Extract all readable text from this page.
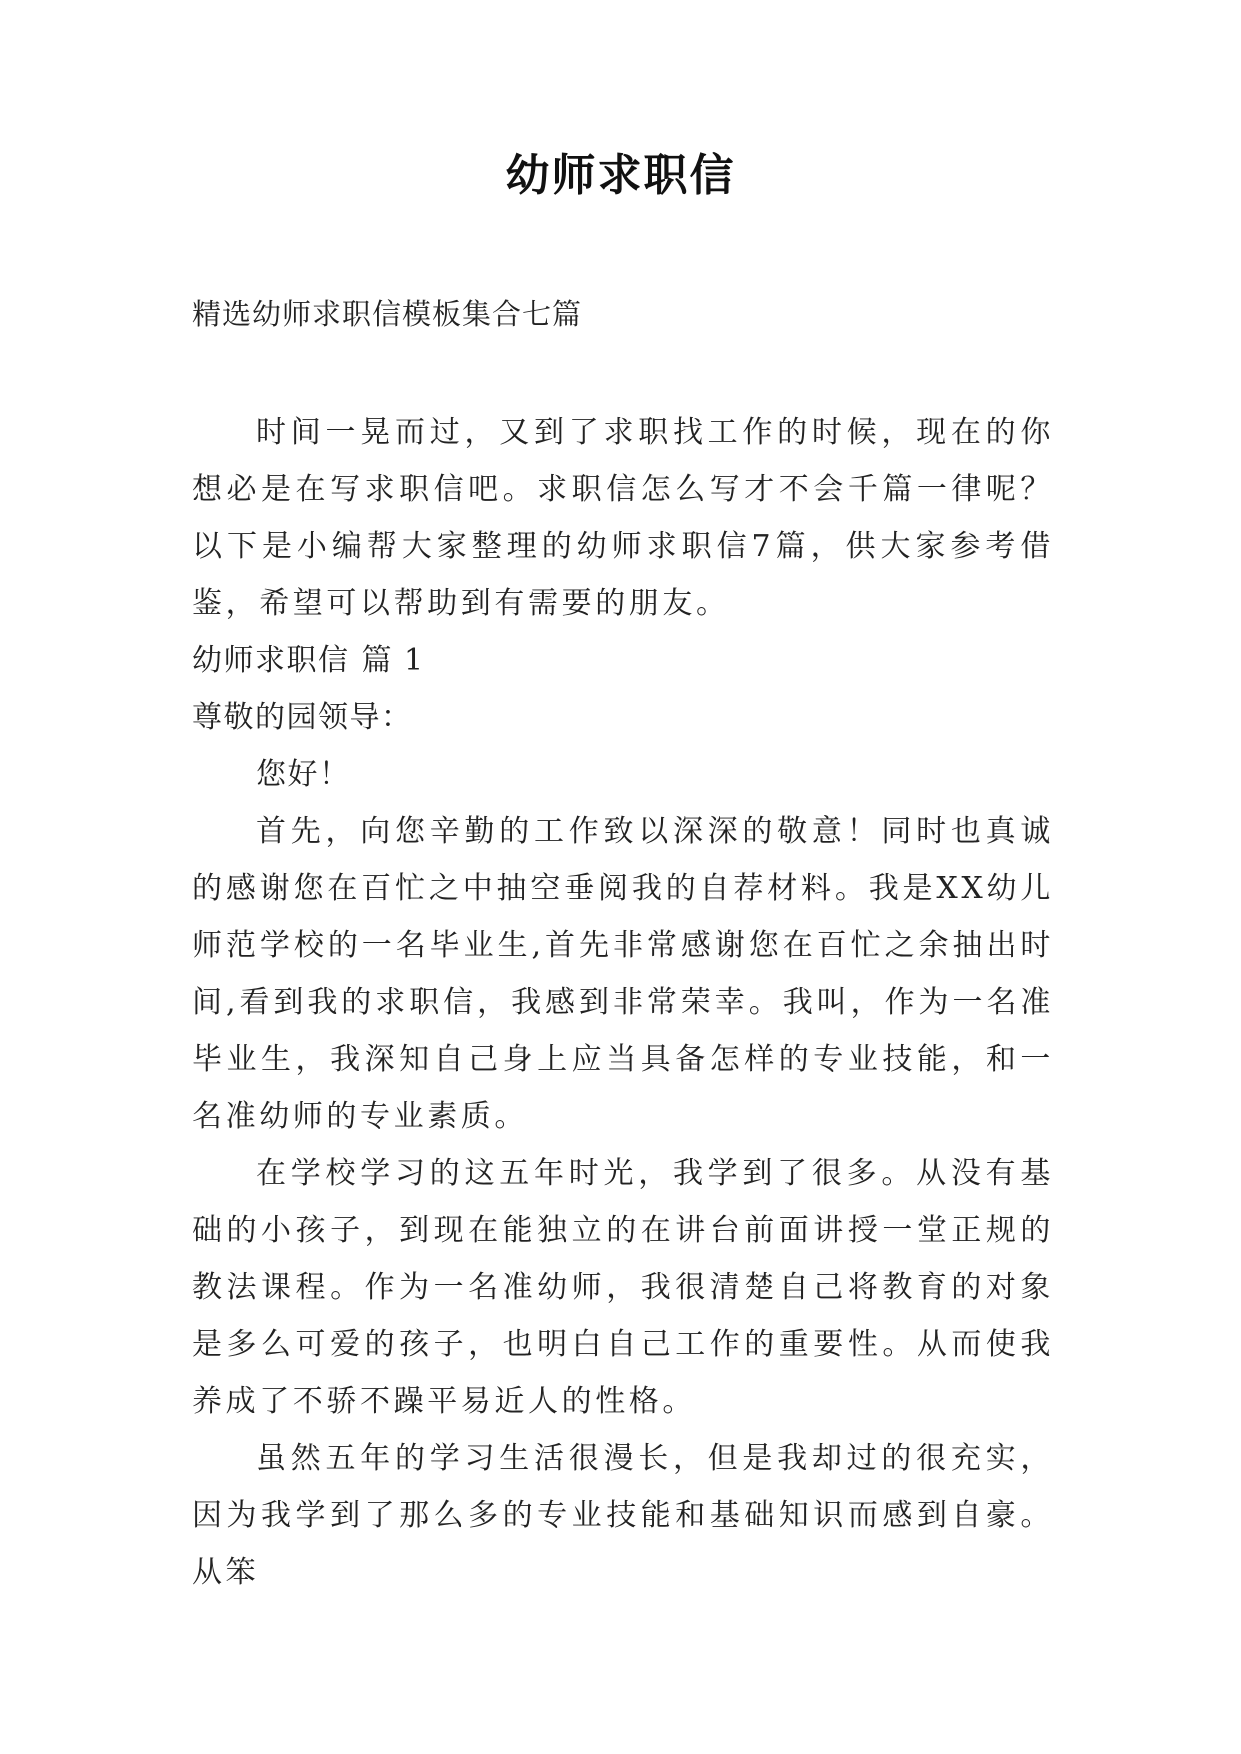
幼师求职信
精选幼师求职信模板集合七篇

时间一晃而过，又到了求职找工作的时候，现在的你想必是在写求职信吧。求职信怎么写才不会千篇一律呢？以下是小编帮大家整理的幼师求职信7篇，供大家参考借鉴，希望可以帮助到有需要的朋友。

幼师求职信 篇 1

尊敬的园领导：

您好！

首先，向您辛勤的工作致以深深的敬意！同时也真诚的感谢您在百忙之中抽空垂阅我的自荐材料。我是XX幼儿师范学校的一名毕业生,首先非常感谢您在百忙之余抽出时间,看到我的求职信，我感到非常荣幸。我叫，作为一名准毕业生，我深知自己身上应当具备怎样的专业技能，和一名准幼师的专业素质。

在学校学习的这五年时光，我学到了很多。从没有基础的小孩子，到现在能独立的在讲台前面讲授一堂正规的教法课程。作为一名准幼师，我很清楚自己将教育的对象是多么可爱的孩子，也明白自己工作的重要性。从而使我养成了不骄不躁平易近人的性格。

虽然五年的学习生活很漫长，但是我却过的很充实，因为我学到了那么多的专业技能和基础知识而感到自豪。从笨
